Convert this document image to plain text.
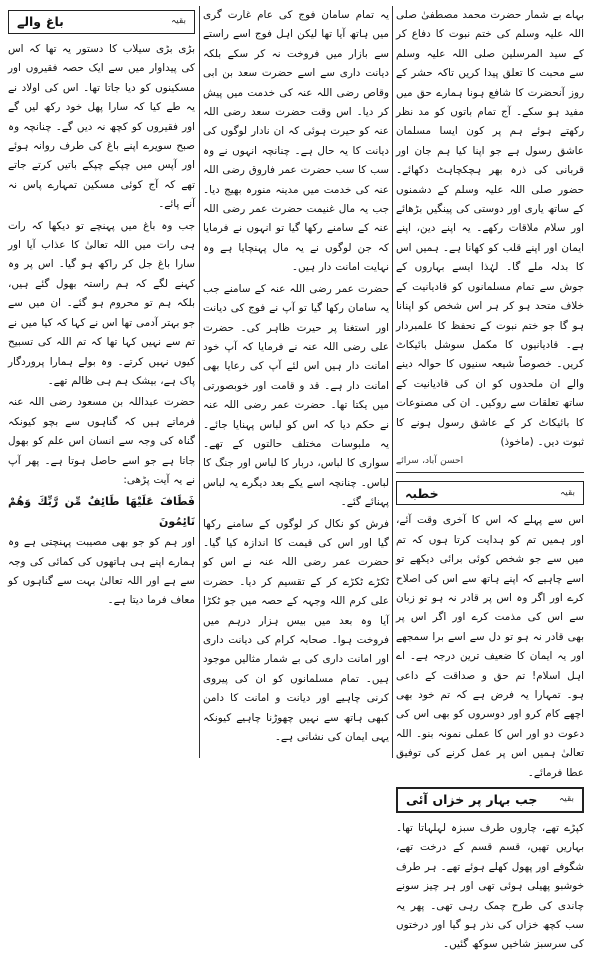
بہاے بے شمار حضرت محمد مصطفیٰ صلی اللہ علیہ وسلم کی ختم نبوت کا دفاع کر کے سید المرسلین صلی اللہ علیہ وسلم سے محبت کا تعلق پیدا کریں تاکہ حشر کے روز آنحضرت کا شافع ہونا ہمارے حق میں مفید ہو سکے۔ آج تمام باتوں کو مد نظر رکھتے ہوئے ہم پر کون ایسا مسلمان عاشق رسول ہے جو اپنا کیا ہم جان اور قربانی کی ذرہ بھر ہچکچاہٹ دکھائے۔ حضور صلی اللہ علیہ وسلم کے دشمنوں کے ساتھ یاری اور دوستی کی پینگیں بڑھائے اور سلام ملاقات رکھے۔ یہ اپنے دین، اپنے ایمان اور اپنے قلب کو کھانا ہے۔ ہمیں اس کا بدلہ ملے گا۔ لہٰذا ایسے بہاروں کے جوش سے تمام مسلمانوں کو قادیانیت کے خلاف متحد ہو کر ہر اس شخص کو اپنانا ہو گا جو ختم نبوت کے تحفظ کا علمبردار ہے۔ قادیانیوں کا مکمل سوشل بائیکاٹ کریں۔ خصوصاً شیعہ سنیوں کا حوالہ دینے والے ان ملحدوں کو ان کی قادیانیت کے ساتھ تعلقات سے روکیں۔ ان کی مصنوعات کا بائیکاٹ کر کے عاشق رسول ہونے کا ثبوت دیں۔ (ماخوذ)

احسن آباد، سرائے
بقیہ
خطبہ

اس سے پہلے کہ اس کا آخری وقت آئے، اور ہمیں تم کو ہدایت کرتا ہوں کہ تم میں سے جو شخص کوئی برائی دیکھے تو اسے چاہیے کہ اپنے ہاتھ سے اس کی اصلاح کرے اور اگر وہ اس پر قادر نہ ہو تو زبان سے اس کی مذمت کرے اور اگر اس پر بھی قادر نہ ہو تو دل سے اسے برا سمجھے اور یہ ایمان کا ضعیف ترین درجہ ہے۔ اے اہل اسلام! تم حق و صداقت کے داعی ہو۔ تمہارا یہ فرض ہے کہ تم خود بھی اچھے کام کرو اور دوسروں کو بھی اس کی دعوت دو اور اس کا عملی نمونہ بنو۔ اللہ تعالیٰ ہمیں اس پر عمل کرنے کی توفیق عطا فرمائے۔

بقیہ
جب بہار پر خزاں آئی

کپڑے تھے، چاروں طرف سبزہ لہلہاتا تھا۔ بہاریں تھیں، قسم قسم کے درخت تھے، شگوفے اور پھول کھلے ہوئے تھے۔ ہر طرف خوشبو پھیلی ہوئی تھی اور ہر چیز سونے چاندی کی طرح چمک رہی تھی۔ پھر یہ سب کچھ خزاں کی نذر ہو گیا اور درختوں کی سرسبز شاخیں سوکھ گئیں۔

یہ تمام سامان فوج کی عام غارت گری میں ہاتھ آیا تھا لیکن اہل فوج اسے راستے سے بازار میں فروخت نہ کر سکے بلکہ دیانت داری سے اسے حضرت سعد بن ابی وقاص رضی اللہ عنہ کی خدمت میں پیش کر دیا۔ اس وقت حضرت سعد رضی اللہ عنہ کو حیرت ہوئی کہ ان نادار لوگوں کی دیانت کا یہ حال ہے۔ چنانچہ انہوں نے وہ سب کا سب حضرت عمر فاروق رضی اللہ عنہ کی خدمت میں مدینہ منورہ بھیج دیا۔ جب یہ مال غنیمت حضرت عمر رضی اللہ عنہ کے سامنے رکھا گیا تو انہوں نے فرمایا کہ جن لوگوں نے یہ مال پہنچایا ہے وہ نہایت امانت دار ہیں۔

حضرت عمر رضی اللہ عنہ کے سامنے جب یہ سامان رکھا گیا تو آپ نے فوج کی دیانت اور استغنا پر حیرت ظاہر کی۔ حضرت علی رضی اللہ عنہ نے فرمایا کہ آپ خود امانت دار ہیں اس لئے آپ کی رعایا بھی امانت دار ہے۔ قد و قامت اور خوبصورتی میں یکتا تھا۔ حضرت عمر رضی اللہ عنہ نے حکم دیا کہ اس کو لباس پہنایا جائے۔ یہ ملبوسات مختلف حالتوں کے تھے۔ سواری کا لباس، دربار کا لباس اور جنگ کا لباس۔ چنانچہ اسے یکے بعد دیگرے یہ لباس پہنائے گئے۔

فرش کو نکال کر لوگوں کے سامنے رکھا گیا اور اس کی قیمت کا اندازہ کیا گیا۔ حضرت عمر رضی اللہ عنہ نے اس کو ٹکڑے ٹکڑے کر کے تقسیم کر دیا۔ حضرت علی کرم اللہ وجہہ کے حصہ میں جو ٹکڑا آیا وہ بعد میں بیس ہزار درہم میں فروخت ہوا۔ صحابہ کرام کی دیانت داری اور امانت داری کی بے شمار مثالیں موجود ہیں۔ تمام مسلمانوں کو ان کی پیروی کرنی چاہیے اور دیانت و امانت کا دامن کبھی ہاتھ سے نہیں چھوڑنا چاہیے کیونکہ یہی ایمان کی نشانی ہے۔

بقیہ
باغ والے

بڑی بڑی سیلاب کا دستور یہ تھا کہ اس کی پیداوار میں سے ایک حصہ فقیروں اور مسکینوں کو دیا جاتا تھا۔ اس کی اولاد نے یہ طے کیا کہ سارا پھل خود رکھ لیں گے اور فقیروں کو کچھ نہ دیں گے۔ چنانچہ وہ صبح سویرے اپنے باغ کی طرف روانہ ہوئے اور آپس میں چپکے چپکے باتیں کرتے جاتے تھے کہ آج کوئی مسکین تمہارے پاس نہ آنے پائے۔

جب وہ باغ میں پہنچے تو دیکھا کہ رات ہی رات میں اللہ تعالیٰ کا عذاب آیا اور سارا باغ جل کر راکھ ہو گیا۔ اس پر وہ کہنے لگے کہ ہم راستہ بھول گئے ہیں، بلکہ ہم تو محروم ہو گئے۔ ان میں سے جو بہتر آدمی تھا اس نے کہا کہ کیا میں نے تم سے نہیں کہا تھا کہ تم اللہ کی تسبیح کیوں نہیں کرتے۔ وہ بولے ہمارا پروردگار پاک ہے، بیشک ہم ہی ظالم تھے۔

حضرت عبداللہ بن مسعود رضی اللہ عنہ فرماتے ہیں کہ گناہوں سے بچو کیونکہ گناہ کی وجہ سے انسان اس علم کو بھول جاتا ہے جو اسے حاصل ہوتا ہے۔ پھر آپ نے یہ آیت پڑھی:

فَطَافَ عَلَيْهَا طَائِفٌ مِّن رَّبِّكَ وَهُمْ نَائِمُونَ

اور ہم کو جو بھی مصیبت پہنچتی ہے وہ ہمارے اپنے ہی ہاتھوں کی کمائی کی وجہ سے ہے اور اللہ تعالیٰ بہت سے گناہوں کو معاف فرما دیتا ہے۔
